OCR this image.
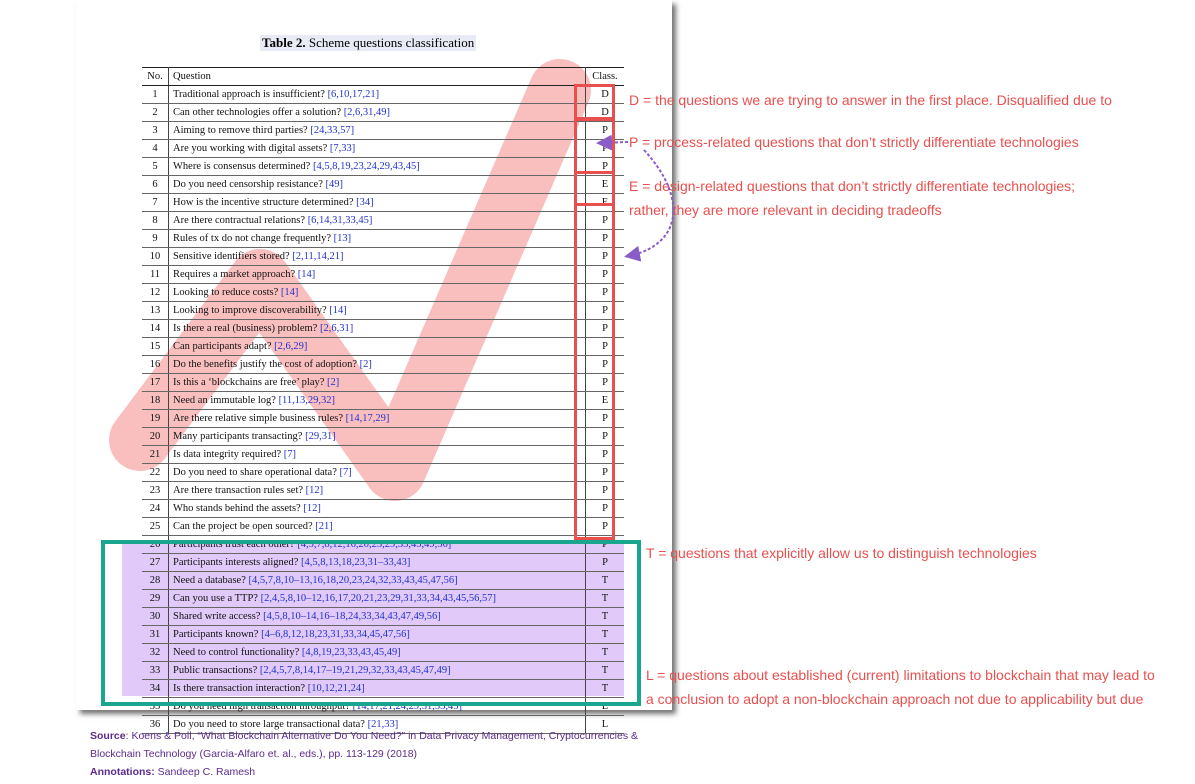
Table 2. Scheme questions classification
No.	Question	Class.
1	Traditional approach is insufficient? [6,10,17,21]	D
2	Can other technologies offer a solution? [2,6,31,49]	D
3	Aiming to remove third parties? [24,33,57]	P
4	Are you working with digital assets? [7,33]	P
5	Where is consensus determined? [4,5,8,19,23,24,29,43,45]	P
6	Do you need censorship resistance? [49]	E
7	How is the incentive structure determined? [34]	E
8	Are there contractual relations? [6,14,31,33,45]	P
9	Rules of tx do not change frequently? [13]	P
10	Sensitive identifiers stored? [2,11,14,21]	P
11	Requires a market approach? [14]	P
12	Looking to reduce costs? [14]	P
13	Looking to improve discoverability? [14]	P
14	Is there a real (business) problem? [2,6,31]	P
15	Can participants adapt? [2,6,29]	P
16	Do the benefits justify the cost of adoption? [2]	P
17	Is this a ‘blockchains are free’ play? [2]	P
18	Need an immutable log? [11,13,29,32]	E
19	Are there relative simple business rules? [14,17,29]	P
20	Many participants transacting? [29,31]	P
21	Is data integrity required? [7]	P
22	Do you need to share operational data? [7]	P
23	Are there transaction rules set? [12]	P
24	Who stands behind the assets? [12]	P
25	Can the project be open sourced? [21]	P
26	Participants trust each other? [4,5,7,8,12,16,20,23,29,33,45,49,56]	P
27	Participants interests aligned? [4,5,8,13,18,23,31–33,43]	P
28	Need a database? [4,5,7,8,10–13,16,18,20,23,24,32,33,43,45,47,56]	T
29	Can you use a TTP? [2,4,5,8,10–12,16,17,20,21,23,29,31,33,34,43,45,56,57]	T
30	Shared write access? [4,5,8,10–14,16–18,24,33,34,43,47,49,56]	T
31	Participants known? [4–6,8,12,18,23,31,33,34,45,47,56]	T
32	Need to control functionality? [4,8,19,23,33,43,45,49]	T
33	Public transactions? [2,4,5,7,8,14,17–19,21,29,32,33,43,45,47,49]	T
34	Is there transaction interaction? [10,12,21,24]	T
35	Do you need high transaction throughput? [14,17,21,24,29,31,33,45]	L
36	Do you need to store large transactional data? [21,33]	L
D = the questions we are trying to answer in the first place. Disqualified due to
P = process-related questions that don’t strictly differentiate technologies
E = design-related questions that don’t strictly differentiate technologies;
rather, they are more relevant in deciding tradeoffs
T = questions that explicitly allow us to distinguish technologies
L = questions about established (current) limitations to blockchain that may lead to
a conclusion to adopt a non-blockchain approach not due to applicability but due
Source: Koens & Poll, “What Blockchain Alternative Do You Need?” in Data Privacy Management, Cryptocurrencies &
Blockchain Technology (Garcia-Alfaro et. al., eds.), pp. 113-129 (2018)
Annotations: Sandeep C. Ramesh
